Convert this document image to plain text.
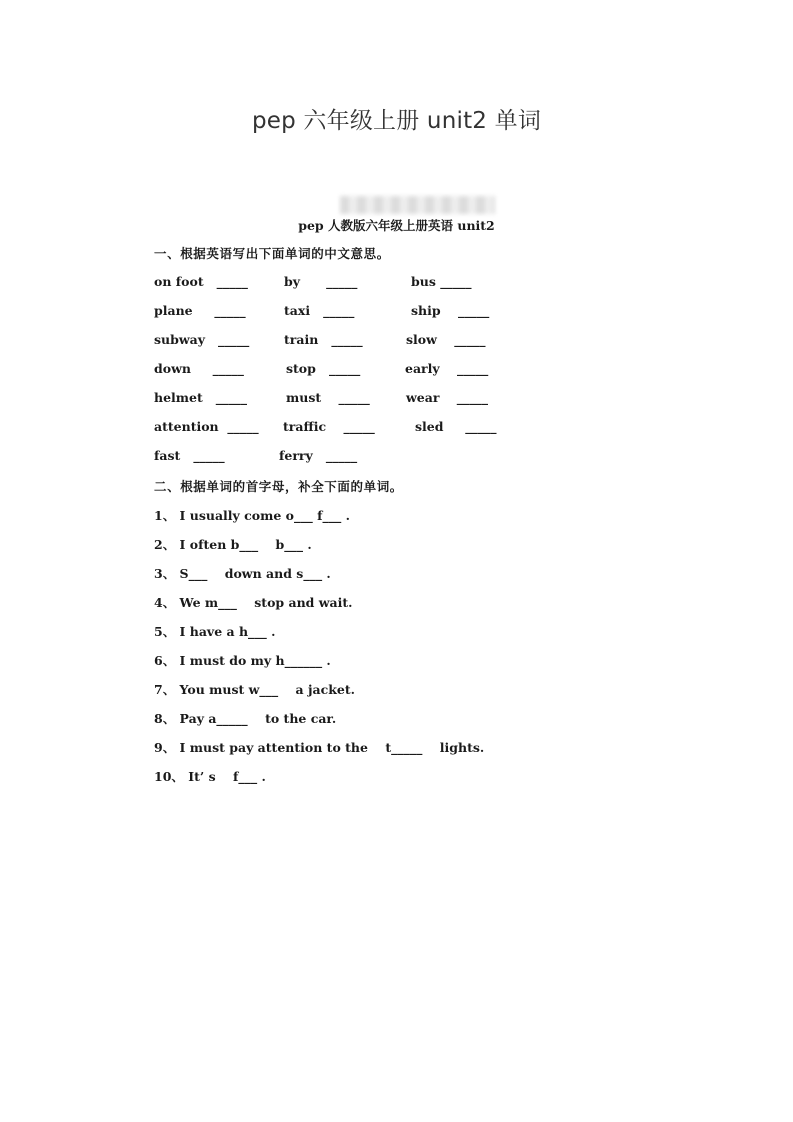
pep 六年级上册 unit2 单词
pep 人教版六年级上册英语 unit2
一、根据英语写出下面单词的中文意思。
on foot   _____	by      _____	bus _____
plane     _____	taxi   _____	ship    _____
subway   _____	train   _____	slow    _____
down     _____	stop   _____	early    _____
helmet   _____	must    _____	wear    _____
attention  _____ traffic    _____	sled     _____
fast   _____	ferry   _____
二、根据单词的首字母，补全下面的单词。
1、 I usually come o___ f___ .
2、 I often b___    b___ .
3、 S___    down and s___ .
4、 We m___    stop and wait.
5、 I have a h___ .
6、 I must do my h______ .
7、 You must w___    a jacket.
8、 Pay a_____    to the car.
9、 I must pay attention to the    t_____    lights.
10、 It’ s    f___ .
